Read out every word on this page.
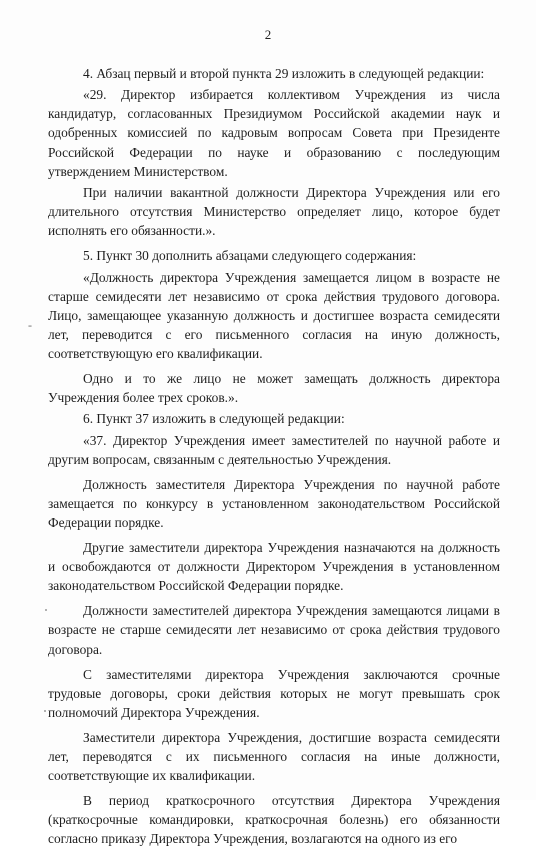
2
-

4. Абзац первый и второй пункта 29 изложить в следующей редакции:

«29. Директор избирается коллективом Учреждения из числа кандидатур, согласованных Президиумом Российской академии наук и одобренных комиссией по кадровым вопросам Совета при Президенте Российской Федерации по науке и образованию с последующим утверждением Министерством.

При наличии вакантной должности Директора Учреждения или его длительного отсутствия Министерство определяет лицо, которое будет исполнять его обязанности.».

5. Пункт 30 дополнить абзацами следующего содержания:

«Должность директора Учреждения замещается лицом в возрасте не старше семидесяти лет независимо от срока действия трудового договора. Лицо, замещающее указанную должность и достигшее возраста семидесяти лет, переводится с его письменного согласия на иную должность, соответствующую его квалификации.

Одно и то же лицо не может замещать должность директора Учреждения более трех сроков.».

6. Пункт 37 изложить в следующей редакции:

«37. Директор Учреждения имеет заместителей по научной работе и другим вопросам, связанным с деятельностью Учреждения.

Должность заместителя Директора Учреждения по научной работе замещается по конкурсу в установленном законодательством Российской Федерации порядке.

Другие заместители директора Учреждения назначаются на должность и освобождаются от должности Директором Учреждения в установленном законодательством Российской Федерации порядке.

Должности заместителей директора Учреждения замещаются лицами в возрасте не старше семидесяти лет независимо от срока действия трудового договора.

С заместителями директора Учреждения заключаются срочные трудовые договоры, сроки действия которых не могут превышать срок полномочий Директора Учреждения.

Заместители директора Учреждения, достигшие возраста семидесяти лет, переводятся с их письменного согласия на иные должности, соответствующие их квалификации.

В период краткосрочного отсутствия Директора Учреждения (краткосрочные командировки, краткосрочная болезнь) его обязанности согласно приказу Директора Учреждения, возлагаются на одного из его
